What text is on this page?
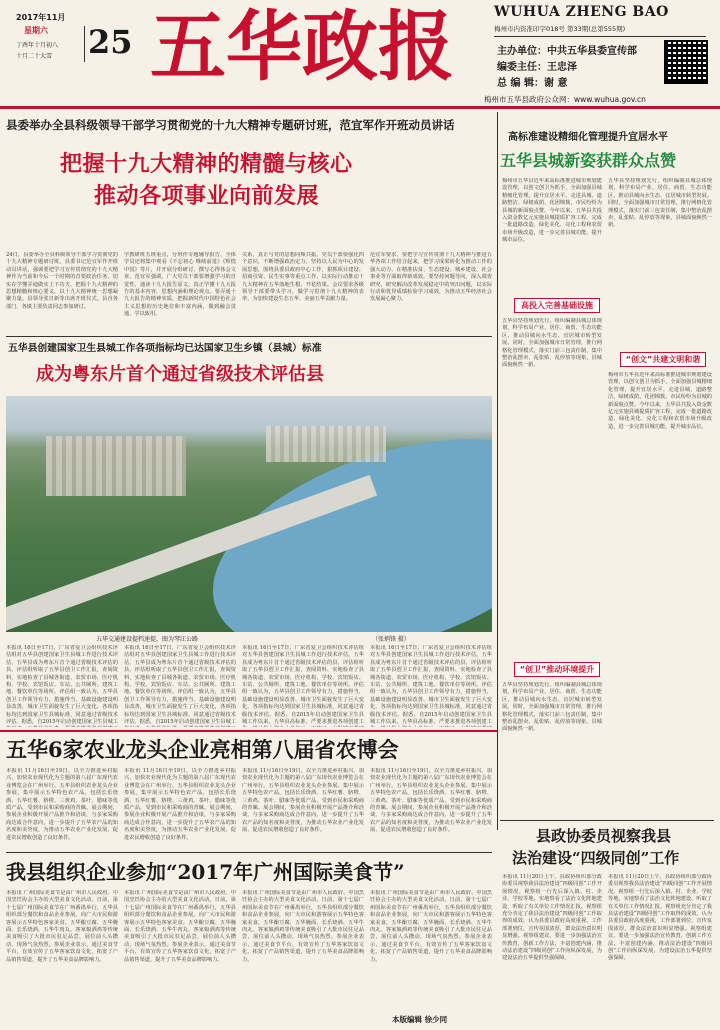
2017年11月
星期六
丁酉年十月初八
十月二十大雪 25 五华政报	WUHUA ZHENG BAO
梅州市内资准印字018号 第33期(总第555期)
主办单位：中共五华县委宣传部
编委主任：王忠泽
总 编 辑：谢 意
梅州市五华县政府公众网：www.wuhua.gov.cn
县委举办全县科级领导干部学习贯彻党的十九大精神专题研讨班，范宜军作开班动员讲话
把握十九大精神的精髓与核心
推动各项事业向前发展
24日，县委举办全县科级领导干部学习贯彻党的十九大精神专题研讨班。县委书记范宜军作开班动员讲话，强调要把学习宣传贯彻党的十九大精神作为当前和今后一个时期的首要政治任务，切实在学懂弄通做实上下功夫，把握十九大精神的思想精髓和核心要义，以十九大精神统一思想凝聚力量。县领导张日新等出席开班仪式。县直各部门、各镇主要负责同志参加研讨。
学教研班五班重点，分班作专题辅导报告，全体学员还将集中观看《不忘初心 继续前进》《辉煌中国》等片，并开展分组研讨、撰写心得体会文章。范宜军强调，广大党员干部要增强学习的自觉性，通读十九大报告原文，真正学懂十九大报告的基本内容，思想内涵和理论观点。要弄通十九大报告的精神实质，把握新时代中国特色社会主义思想的历史地位和丰富内涵，做到融会贯通、学以致用。
关系，真正与党的思想同频共振。党员干部要强化四个意识，不断增强政治定力，坚持以人民为中心的发展思想，围绕县委县政府中心工作，狠抓项目建设、招商引资、民生实事等重点工作，以实际行动推动十九大精神在五华落地生根、开花结果。会议要求各级领导干部要带头学习，做学习贯彻十九大精神的表率，为加快建设生态五华、美丽五华贡献力量。
范宜军要求，要把学习宣传贯彻十九大精神与推进五华各项工作结合起来，把学习成果转化为推动工作的强大动力，在精准扶贫、生态建设、城乡建设、社会事业等方面取得新成效。要坚持问题导向，深入调查研究，研究解决改革发展稳定中的突出问题，以实际行动和优异成绩检验学习成效，为推动五华经济社会发展凝心聚力。
高标准建设精细化管理提升宜居水平
五华县城新姿获群众点赞
梅州市五华县近年来高标准推进城市规划建设管理，以创文创卫为抓手，全面加强县城精细化管理，提升宜居水平。走进县城，道路整洁、绿树成荫、花团锦簇，市民纷纷为县城的新面貌点赞。今年以来，五华县共投入资金数亿元实施县城提质扩容工程，完成一批道路改造、绿化美化、亮化工程和农贸市场升级改造，进一步完善县城功能，提升城市品位。
五华县坚持规划先行，组织编制县城总体规划，科学布局产业、居住、商贸、生态功能区，推动县城向水生态、宜居城市转型发展。同时，全面加强城市日常管理，推行网格化管理模式，落实门前三包责任制，集中整治乱摆卖、乱张贴、乱停放等现象，县城面貌焕然一新。
高投入完善基础设施
五华县坚持规划先行，组织编制县城总体规划，科学布局产业、居住、商贸、生态功能区，推动县城向水生态、宜居城市转型发展。同时，全面加强城市日常管理，推行网格化管理模式，落实门前三包责任制，集中整治乱摆卖、乱张贴、乱停放等现象，县城面貌焕然一新。
“创文”共建文明和谐
梅州市五华县近年来高标准推进城市规划建设管理，以创文创卫为抓手，全面加强县城精细化管理，提升宜居水平。走进县城，道路整洁、绿树成荫、花团锦簇，市民纷纷为县城的新面貌点赞。今年以来，五华县共投入资金数亿元实施县城提质扩容工程，完成一批道路改造、绿化美化、亮化工程和农贸市场升级改造，进一步完善县城功能，提升城市品位。
“创卫”推动环境提升
五华县坚持规划先行，组织编制县城总体规划，科学布局产业、居住、商贸、生态功能区，推动县城向水生态、宜居城市转型发展。同时，全面加强城市日常管理，推行网格化管理模式，落实门前三包责任制，集中整治乱摆卖、乱张贴、乱停放等现象，县城面貌焕然一新。
五华县创建国家卫生县城工作各项指标均已达国家卫生乡镇（县城）标准
成为粤东片首个通过省级技术评估县
五华交通建设提档速提，图为琴江公路	（张炳锋 摄）
本报讯 16日至17日，广东省爱卫会组织技术评估组对五华县创建国家卫生县城工作进行技术评估，五华县成为粤东片首个通过省级技术评估的县。评估组听取了五华县创卫工作汇报，查阅资料，实地检查了县城各街道、农贸市场、医疗机构、学校、宾馆饭店、车站、公共厕所、建筑工地、餐饮单位等场所。评估组一致认为，五华县创卫工作领导有力，措施得当，基础设施建设明显改善，城市卫生面貌发生了巨大变化，各项指标均达到国家卫生县城标准，同意通过省级技术评估。据悉，自2015年启动创建国家卫生县城工
本报讯 16日至17日，广东省爱卫会组织技术评估组对五华县创建国家卫生县城工作进行技术评估，五华县成为粤东片首个通过省级技术评估的县。评估组听取了五华县创卫工作汇报，查阅资料，实地检查了县城各街道、农贸市场、医疗机构、学校、宾馆饭店、车站、公共厕所、建筑工地、餐饮单位等场所。评估组一致认为，五华县创卫工作领导有力，措施得当，基础设施建设明显改善，城市卫生面貌发生了巨大变化，各项指标均达到国家卫生县城标准，同意通过省级技术评估。据悉，自2015年启动创建国家卫生县城工
本报讯 16日至17日，广东省爱卫会组织技术评估组对五华县创建国家卫生县城工作进行技术评估，五华县成为粤东片首个通过省级技术评估的县。评估组听取了五华县创卫工作汇报，查阅资料，实地检查了县城各街道、农贸市场、医疗机构、学校、宾馆饭店、车站、公共厕所、建筑工地、餐饮单位等场所。评估组一致认为，五华县创卫工作领导有力，措施得当，基础设施建设明显改善，城市卫生面貌发生了巨大变化，各项指标均达到国家卫生县城标准，同意通过省级技术评估。据悉，自2015年启动创建国家卫生县城工作以来，五华县高标准、严要求推进各项创建工
本报讯 16日至17日，广东省爱卫会组织技术评估组对五华县创建国家卫生县城工作进行技术评估，五华县成为粤东片首个通过省级技术评估的县。评估组听取了五华县创卫工作汇报，查阅资料，实地检查了县城各街道、农贸市场、医疗机构、学校、宾馆饭店、车站、公共厕所、建筑工地、餐饮单位等场所。评估组一致认为，五华县创卫工作领导有力，措施得当，基础设施建设明显改善，城市卫生面貌发生了巨大变化，各项指标均达到国家卫生县城标准，同意通过省级技术评估。据悉，自2015年启动创建国家卫生县城工作以来，五华县高标准、严要求推进各项创建工
五华6家农业龙头企业亮相第八届省农博会
本报讯 11月16日至19日，以全力推进乡村振兴、加快农业现代化为主题的第八届广东现代农业博览会在广州举行。五华县组织农业龙头企业参展，集中展示五华特色农产品，包括长乐烧酒、五华红薯、脐橙、三黄鸡、茶叶、腊味等优质产品，受到市民和采购商的青睐。展会期间，参展企业积极开展产品推介和洽谈，与多家采购商达成合作意向，进一步提升了五华农产品的知名度和美誉度，为推动五华农业产业化发展、促进农民增收创造了良好条件。
本报讯 11月16日至19日，以全力推进乡村振兴、加快农业现代化为主题的第八届广东现代农业博览会在广州举行。五华县组织农业龙头企业参展，集中展示五华特色农产品，包括长乐烧酒、五华红薯、脐橙、三黄鸡、茶叶、腊味等优质产品，受到市民和采购商的青睐。展会期间，参展企业积极开展产品推介和洽谈，与多家采购商达成合作意向，进一步提升了五华农产品的知名度和美誉度，为推动五华农业产业化发展、促进农民增收创造了良好条件。
本报讯 11月16日至19日，以全力推进乡村振兴、加快农业现代化为主题的第八届广东现代农业博览会在广州举行。五华县组织农业龙头企业参展，集中展示五华特色农产品，包括长乐烧酒、五华红薯、脐橙、三黄鸡、茶叶、腊味等优质产品，受到市民和采购商的青睐。展会期间，参展企业积极开展产品推介和洽谈，与多家采购商达成合作意向，进一步提升了五华农产品的知名度和美誉度，为推动五华农业产业化发展、促进农民增收创造了良好条件。
本报讯 11月16日至19日，以全力推进乡村振兴、加快农业现代化为主题的第八届广东现代农业博览会在广州举行。五华县组织农业龙头企业参展，集中展示五华特色农产品，包括长乐烧酒、五华红薯、脐橙、三黄鸡、茶叶、腊味等优质产品，受到市民和采购商的青睐。展会期间，参展企业积极开展产品推介和洽谈，与多家采购商达成合作意向，进一步提升了五华农产品的知名度和美誉度，为推动五华农业产业化发展、促进农民增收创造了良好条件。
我县组织企业参加“2017年广州国际美食节”
本报讯 广州国际美食节是由广州市人民政府、中国烹饪协会主办的大型美食文化活动。日前，第十七届广州国际美食节在广州番禺举行，五华县组织部分餐饮和食品企业参展，向广大市民和游客展示五华特色客家美食。五华酿豆腐、五华腌面、长乐烧酒、五华牛肉丸、客家娘酒鸡等传统美食吸引了大批市民驻足品尝，展位前人头攒动，现场气氛热烈。参展企业表示，通过美食节平台，有效宣传了五华客家饮食文化，拓宽了产品销售渠道，提升了五华美食品牌影响力。
本报讯 广州国际美食节是由广州市人民政府、中国烹饪协会主办的大型美食文化活动。日前，第十七届广州国际美食节在广州番禺举行，五华县组织部分餐饮和食品企业参展，向广大市民和游客展示五华特色客家美食。五华酿豆腐、五华腌面、长乐烧酒、五华牛肉丸、客家娘酒鸡等传统美食吸引了大批市民驻足品尝，展位前人头攒动，现场气氛热烈。参展企业表示，通过美食节平台，有效宣传了五华客家饮食文化，拓宽了产品销售渠道，提升了五华美食品牌影响力。
本报讯 广州国际美食节是由广州市人民政府、中国烹饪协会主办的大型美食文化活动。日前，第十七届广州国际美食节在广州番禺举行，五华县组织部分餐饮和食品企业参展，向广大市民和游客展示五华特色客家美食。五华酿豆腐、五华腌面、长乐烧酒、五华牛肉丸、客家娘酒鸡等传统美食吸引了大批市民驻足品尝，展位前人头攒动，现场气氛热烈。参展企业表示，通过美食节平台，有效宣传了五华客家饮食文化，拓宽了产品销售渠道，提升了五华美食品牌影响力。
本报讯 广州国际美食节是由广州市人民政府、中国烹饪协会主办的大型美食文化活动。日前，第十七届广州国际美食节在广州番禺举行，五华县组织部分餐饮和食品企业参展，向广大市民和游客展示五华特色客家美食。五华酿豆腐、五华腌面、长乐烧酒、五华牛肉丸、客家娘酒鸡等传统美食吸引了大批市民驻足品尝，展位前人头攒动，现场气氛热烈。参展企业表示，通过美食节平台，有效宣传了五华客家饮食文化，拓宽了产品销售渠道，提升了五华美食品牌影响力。
本版编辑 徐少同
县政协委员视察我县
法治建设“四级同创”工作
本报讯 11月20日上午，县政协组织部分政协委员视察我县法治建设“四级同创”工作开展情况。视察组一行先后深入镇、村、企业、学校等地，实地察看了法治文化阵地建设，听取了有关单位工作情况汇报。视察组充分肯定了我县法治建设“四级同创”工作取得的成效，认为县委县政府高度重视，工作部署到位，宣传氛围浓厚，群众法治意识明显增强。视察组建议，要进一步加强法治宣传教育，创新工作方法，丰富创建内涵，推动法治建设“四级同创”工作向纵深发展，为建设法治五华提供坚强保障。
本报讯 11月20日上午，县政协组织部分政协委员视察我县法治建设“四级同创”工作开展情况。视察组一行先后深入镇、村、企业、学校等地，实地察看了法治文化阵地建设，听取了有关单位工作情况汇报。视察组充分肯定了我县法治建设“四级同创”工作取得的成效，认为县委县政府高度重视，工作部署到位，宣传氛围浓厚，群众法治意识明显增强。视察组建议，要进一步加强法治宣传教育，创新工作方法，丰富创建内涵，推动法治建设“四级同创”工作向纵深发展，为建设法治五华提供坚强保障。
